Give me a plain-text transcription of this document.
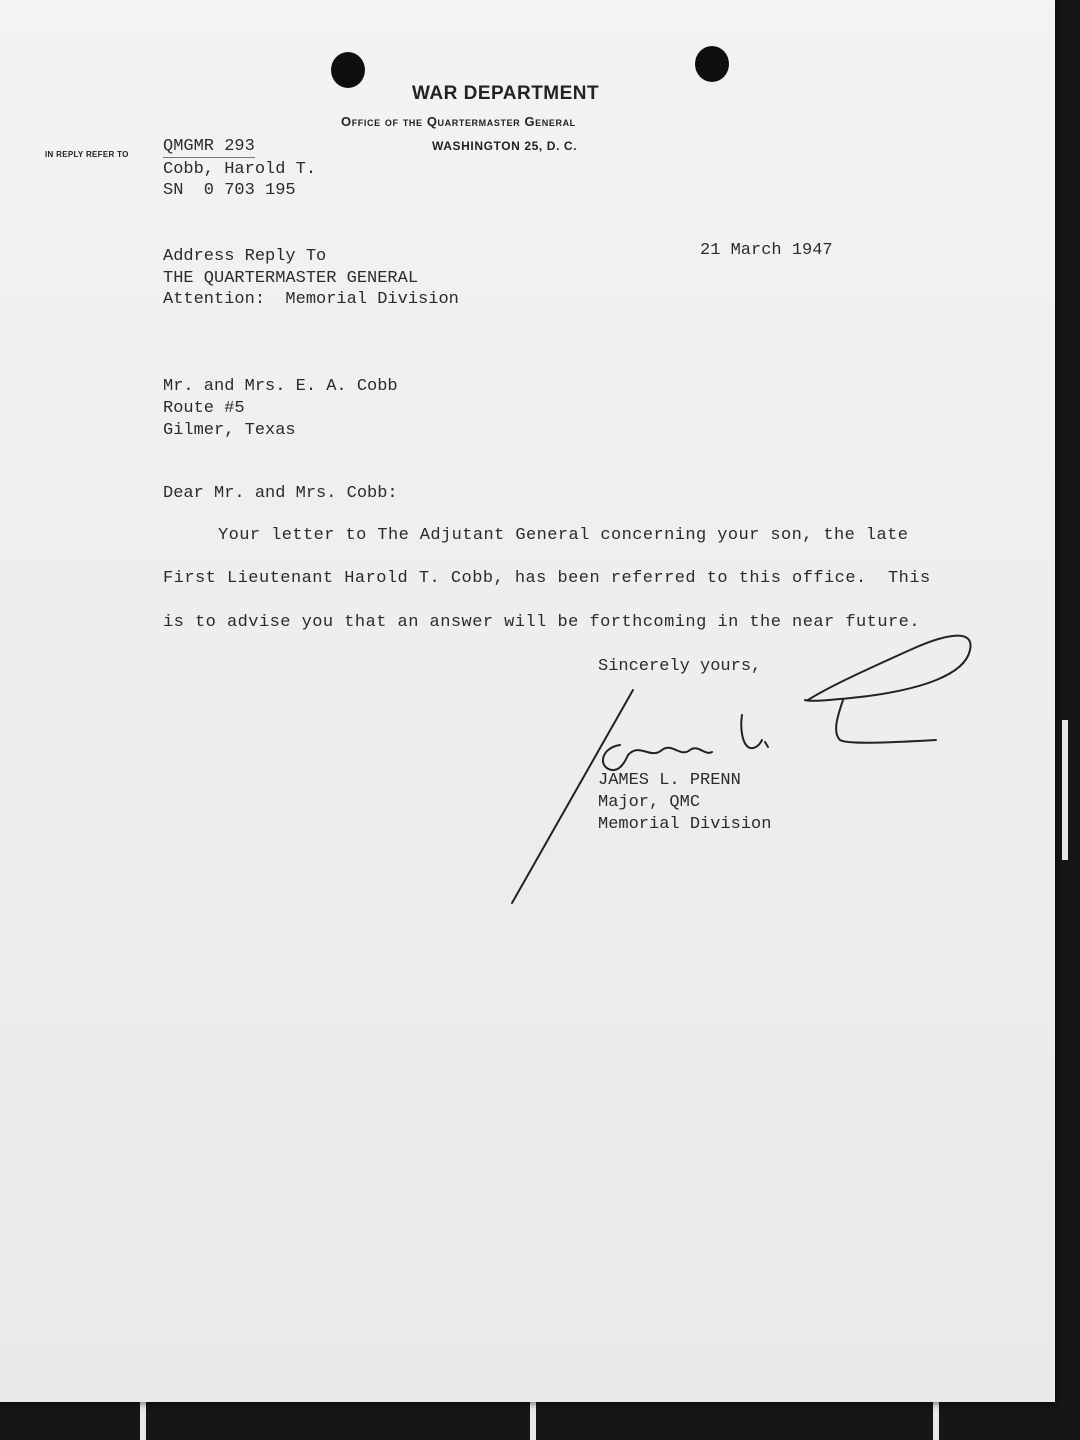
WAR DEPARTMENT
Office of the Quartermaster General
WASHINGTON 25, D. C.
IN REPLY REFER TO QMGMR 293
Cobb, Harold T.
SN  0 703 195
21 March 1947
Address Reply To
THE QUARTERMASTER GENERAL
Attention:  Memorial Division
Mr. and Mrs. E. A. Cobb
Route #5
Gilmer, Texas
Dear Mr. and Mrs. Cobb:
Your letter to The Adjutant General concerning your son, the late
First Lieutenant Harold T. Cobb, has been referred to this office.  This
is to advise you that an answer will be forthcoming in the near future.
Sincerely yours,
JAMES L. PRENN
Major, QMC
Memorial Division
